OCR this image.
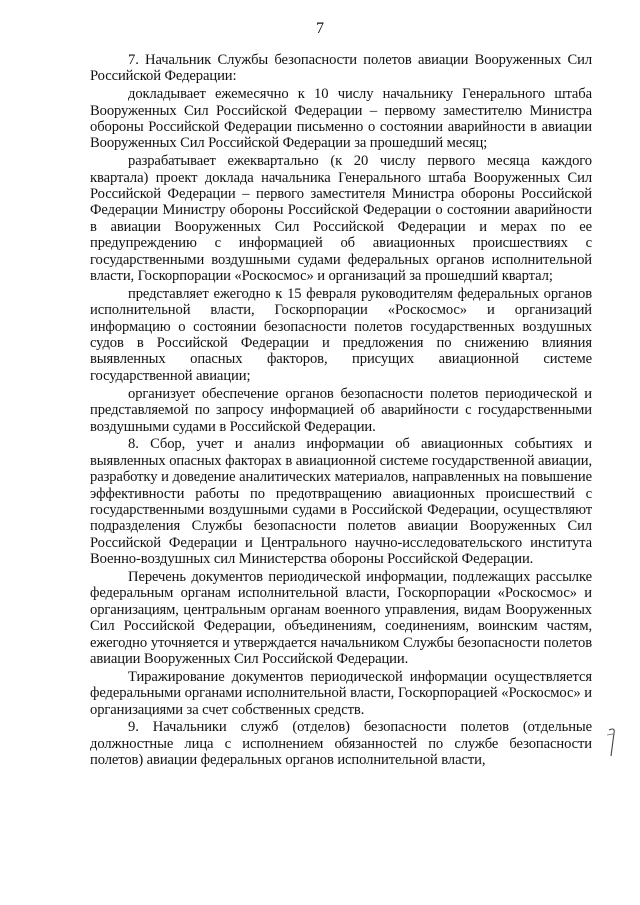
7

7. Начальник Службы безопасности полетов авиации Вооруженных Сил Российской Федерации:

докладывает ежемесячно к 10 числу начальнику Генерального штаба Вооруженных Сил Российской Федерации – первому заместителю Министра обороны Российской Федерации письменно о состоянии аварийности в авиации Вооруженных Сил Российской Федерации за прошедший месяц;

разрабатывает ежеквартально (к 20 числу первого месяца каждого квартала) проект доклада начальника Генерального штаба Вооруженных Сил Российской Федерации – первого заместителя Министра обороны Российской Федерации Министру обороны Российской Федерации о состоянии аварийности в авиации Вооруженных Сил Российской Федерации и мерах по ее предупреждению с информацией об авиационных происшествиях с государственными воздушными судами федеральных органов исполнительной власти, Госкорпорации «Роскосмос» и организаций за прошедший квартал;

представляет ежегодно к 15 февраля руководителям федеральных органов исполнительной власти, Госкорпорации «Роскосмос» и организаций информацию о состоянии безопасности полетов государственных воздушных судов в Российской Федерации и предложения по снижению влияния выявленных опасных факторов, присущих авиационной системе государственной авиации;

организует обеспечение органов безопасности полетов периодической и представляемой по запросу информацией об аварийности с государственными воздушными судами в Российской Федерации.

8. Сбор, учет и анализ информации об авиационных событиях и выявленных опасных факторах в авиационной системе государственной авиации, разработку и доведение аналитических материалов, направленных на повышение эффективности работы по предотвращению авиационных происшествий с государственными воздушными судами в Российской Федерации, осуществляют подразделения Службы безопасности полетов авиации Вооруженных Сил Российской Федерации и Центрального научно-исследовательского института Военно-воздушных сил Министерства обороны Российской Федерации.

Перечень документов периодической информации, подлежащих рассылке федеральным органам исполнительной власти, Госкорпорации «Роскосмос» и организациям, центральным органам военного управления, видам Вооруженных Сил Российской Федерации, объединениям, соединениям, воинским частям, ежегодно уточняется и утверждается начальником Службы безопасности полетов авиации Вооруженных Сил Российской Федерации.

Тиражирование документов периодической информации осуществляется федеральными органами исполнительной власти, Госкорпорацией «Роскосмос» и организациями за счет собственных средств.

9. Начальники служб (отделов) безопасности полетов (отдельные должностные лица с исполнением обязанностей по службе безопасности полетов) авиации федеральных органов исполнительной власти,
